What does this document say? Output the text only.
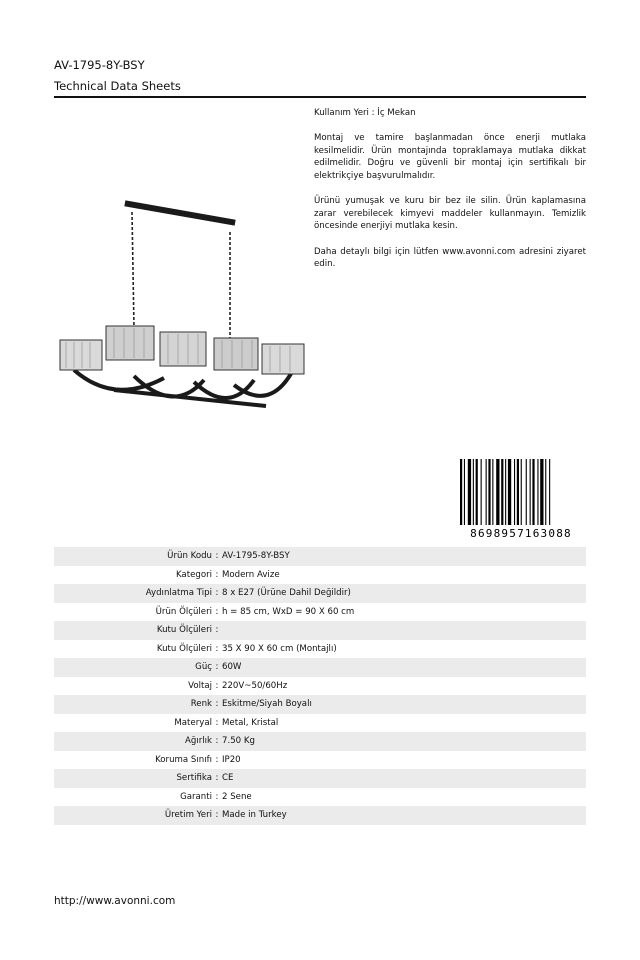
AV-1795-8Y-BSY
Technical Data Sheets

Kullanım Yeri : İç Mekan

Montaj ve tamire başlanmadan önce enerji mutlaka kesilmelidir. Ürün montajında topraklamaya mutlaka dikkat edilmelidir. Doğru ve güvenli bir montaj için sertifikalı bir elektrikçiye başvurulmalıdır.

Ürünü yumuşak ve kuru bir bez ile silin. Ürün kaplamasına zarar verebilecek kimyevi maddeler kullanmayın. Temizlik öncesinde enerjiyi mutlaka kesin.

Daha detaylı bilgi için lütfen www.avonni.com adresini ziyaret edin.

8698957163088
Ürün Kodu : AV-1795-8Y-BSY
Kategori : Modern Avize
Aydınlatma Tipi : 8 x E27 (Ürüne Dahil Değildir)
Ürün Ölçüleri : h = 85 cm, WxD = 90 X 60 cm
Kutu Ölçüleri :
Kutu Ölçüleri : 35 X 90 X 60 cm (Montajlı)
Güç : 60W
Voltaj : 220V~50/60Hz
Renk : Eskitme/Siyah Boyalı
Materyal : Metal, Kristal
Ağırlık : 7.50 Kg
Koruma Sınıfı : IP20
Sertifika : CE
Garanti : 2 Sene
Üretim Yeri : Made in Turkey
http://www.avonni.com
